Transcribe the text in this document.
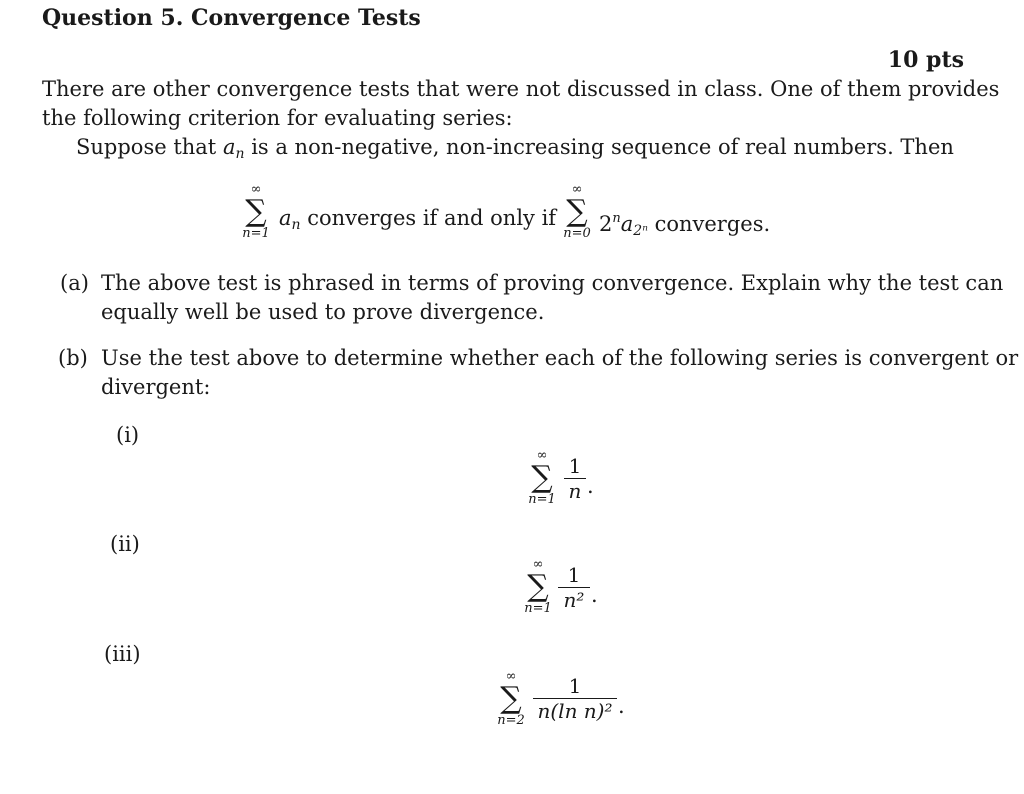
Question 5. Convergence Tests
10 pts
There are other convergence tests that were not discussed in class. One of them provides
the following criterion for evaluating series:
Suppose that $a_n$ is a non-negative, non-increasing sequence of real numbers. Then
∞
∑
n=1
$a_n$ converges if and only if
∞
∑
n=0 $2^na_{2^n}$ converges.
(a) The above test is phrased in terms of proving convergence. Explain why the test can
equally well be used to prove divergence.
(b) Use the test above to determine whether each of the following series is convergent or
divergent:
(i)
∞
∑
n=1
1
n .
(ii)
∞
∑
n=1
1
n² .
(iii)
∞
∑
n=2
1
n(ln n)² .
